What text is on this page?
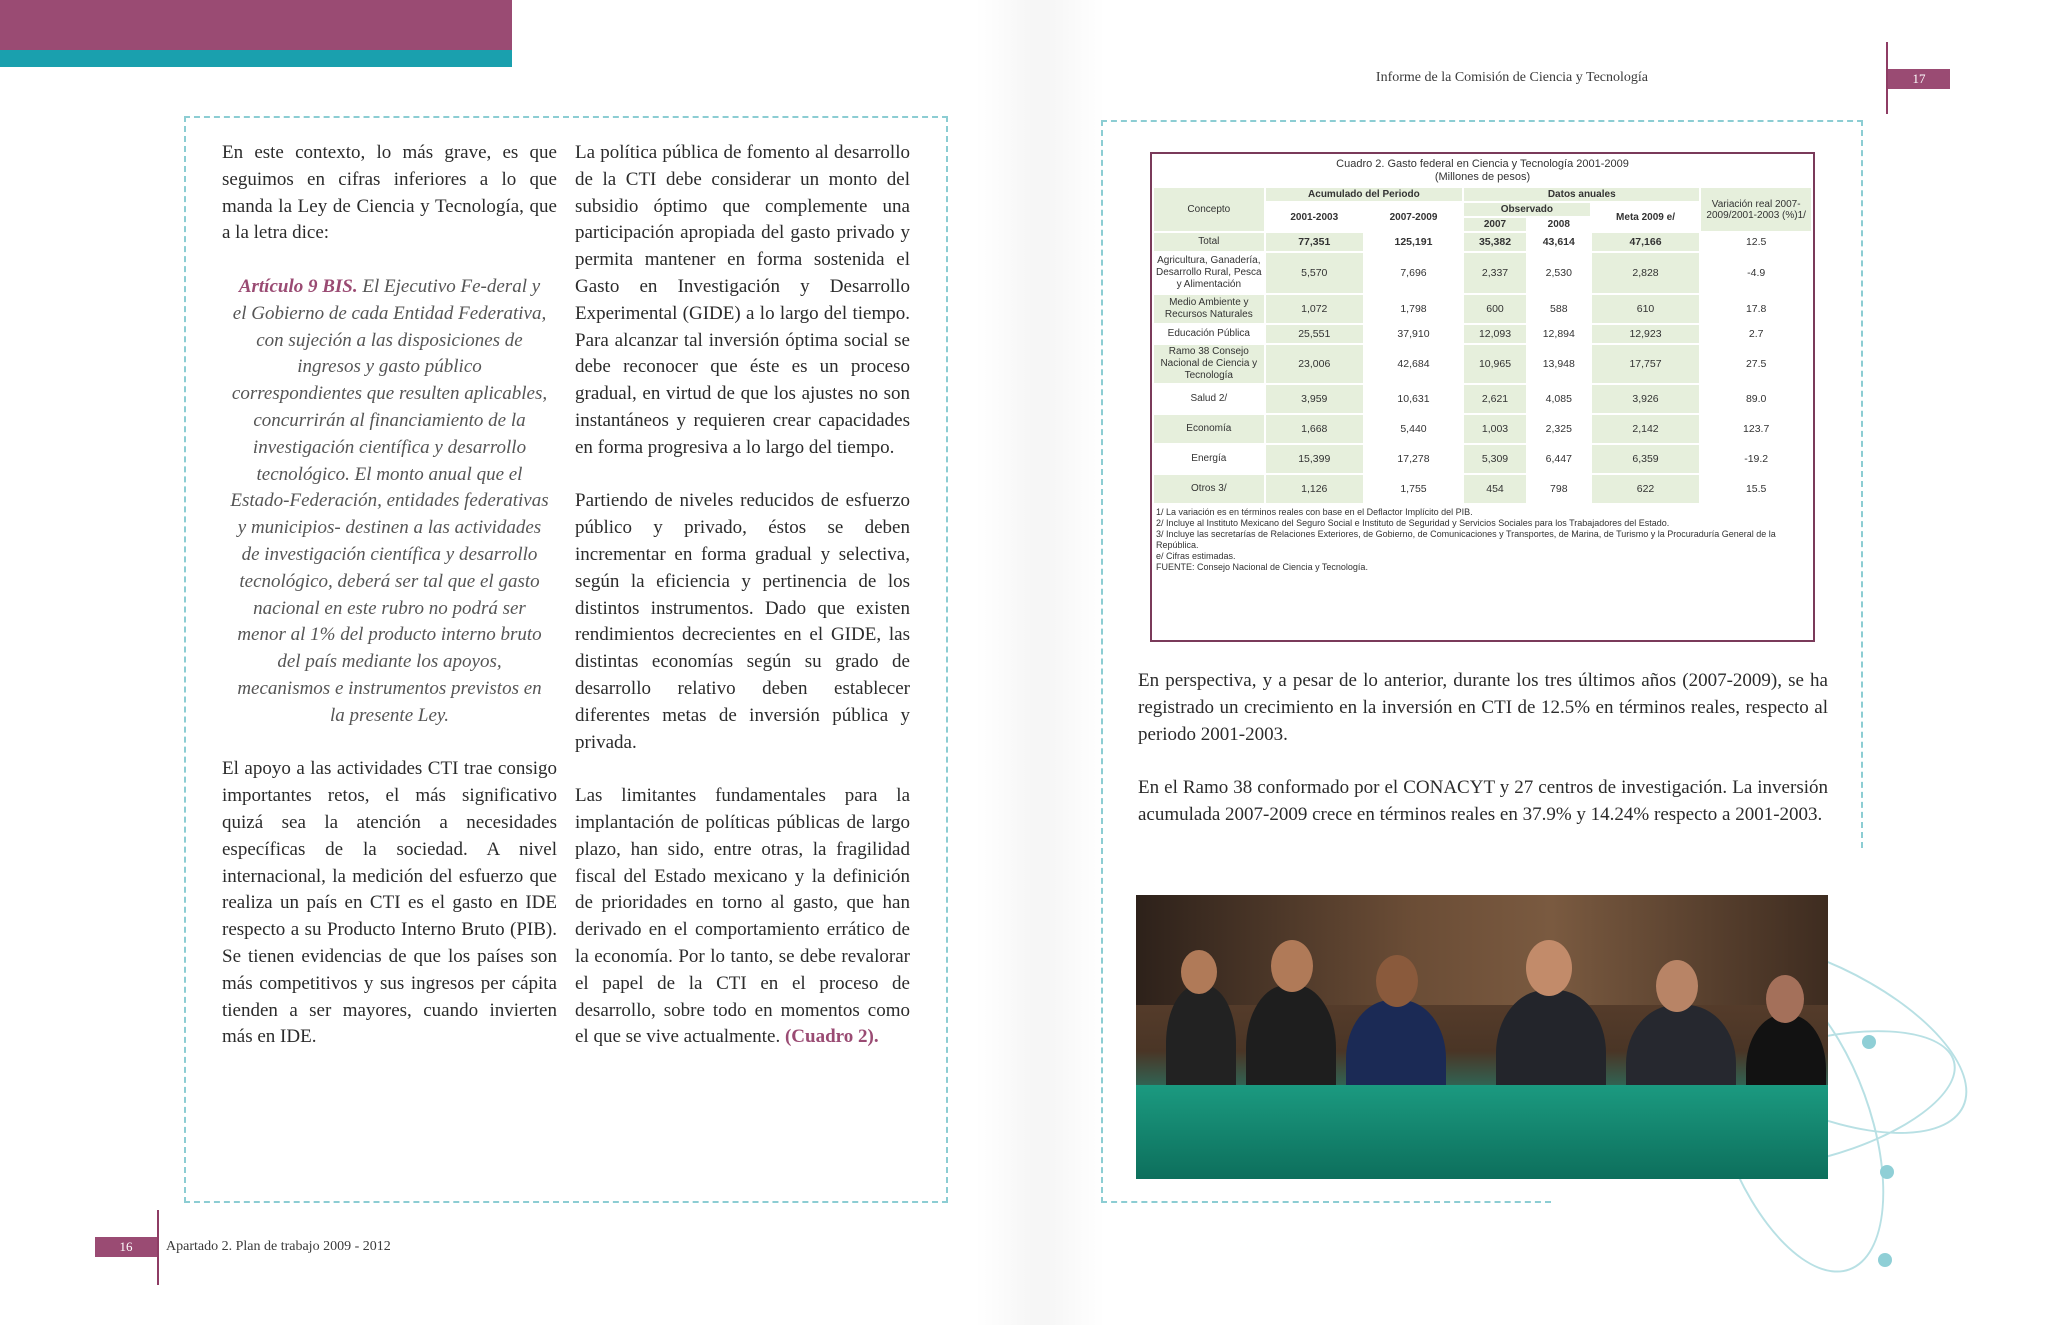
Informe de la Comisión de Ciencia y Tecnología	17

En este contexto, lo más grave, es que seguimos en cifras inferiores a lo que manda la Ley de Ciencia y Tecnología, que a la letra dice:

Artículo 9 BIS. El Ejecutivo Fe-deral y el Gobierno de cada Entidad Federativa, con sujeción a las disposiciones de ingresos y gasto público correspondientes que resulten aplicables, concurrirán al financiamiento de la investigación científica y desarrollo tecnológico. El monto anual que el Estado-Federación, entidades federativas y municipios- destinen a las actividades de investigación científica y desarrollo tecnológico, deberá ser tal que el gasto nacional en este rubro no podrá ser menor al 1% del producto interno bruto del país mediante los apoyos, mecanismos e instrumentos previstos en la presente Ley.

El apoyo a las actividades CTI trae consigo importantes retos, el más significativo quizá sea la atención a necesidades específicas de la sociedad. A nivel internacional, la medición del esfuerzo que realiza un país en CTI es el gasto en IDE respecto a su Producto Interno Bruto (PIB). Se tienen evidencias de que los países son más competitivos y sus ingresos per cápita tienden a ser mayores, cuando invierten más en IDE.

La política pública de fomento al desarrollo de la CTI debe considerar un monto del subsidio óptimo que complemente una participación apropiada del gasto privado y permita mantener en forma sostenida el Gasto en Investigación y Desarrollo Experimental (GIDE) a lo largo del tiempo. Para alcanzar tal inversión óptima social se debe reconocer que éste es un proceso gradual, en virtud de que los ajustes no son instantáneos y requieren crear capacidades en forma progresiva a lo largo del tiempo.

Partiendo de niveles reducidos de esfuerzo público y privado, éstos se deben incrementar en forma gradual y selectiva, según la eficiencia y pertinencia de los distintos instrumentos. Dado que existen rendimientos decrecientes en el GIDE, las distintas economías según su grado de desarrollo relativo deben establecer diferentes metas de inversión pública y privada.

Las limitantes fundamentales para la implantación de políticas públicas de largo plazo, han sido, entre otras, la fragilidad fiscal del Estado mexicano y la definición de prioridades en torno al gasto, que han derivado en el comportamiento errático de la economía. Por lo tanto, se debe revalorar el papel de la CTI en el proceso de desarrollo, sobre todo en momentos como el que se vive actualmente. (Cuadro 2).

Cuadro 2. Gasto federal en Ciencia y Tecnología 2001-2009
(Millones de pesos)
Concepto	Acumulado del Periodo		Datos anuales			Variación real 2007-2009/2001-2003 (%)1/
	2001-2003	2007-2009	Observado		Meta 2009 e/	
			2007	2008		
Total	77,351	125,191	35,382	43,614	47,166	12.5
Agricultura, Ganadería, Desarrollo Rural, Pesca y Alimentación	5,570	7,696	2,337	2,530	2,828	-4.9
Medio Ambiente y Recursos Naturales	1,072	1,798	600	588	610	17.8
Educación Pública	25,551	37,910	12,093	12,894	12,923	2.7
Ramo 38 Consejo Nacional de Ciencia y Tecnología	23,006	42,684	10,965	13,948	17,757	27.5
Salud 2/	3,959	10,631	2,621	4,085	3,926	89.0
Economía	1,668	5,440	1,003	2,325	2,142	123.7
Energía	15,399	17,278	5,309	6,447	6,359	-19.2
Otros 3/	1,126	1,755	454	798	622	15.5
1/ La variación es en términos reales con base en el Deflactor Implícito del PIB.
2/ Incluye al Instituto Mexicano del Seguro Social e Instituto de Seguridad y Servicios Sociales para los Trabajadores del Estado.
3/ Incluye las secretarías de Relaciones Exteriores, de Gobierno, de Comunicaciones y Transportes, de Marina, de Turismo y la Procuraduría General de la República.
e/ Cifras estimadas.
FUENTE: Consejo Nacional de Ciencia y Tecnología.

En perspectiva, y a pesar de lo anterior, durante los tres últimos años (2007-2009), se ha registrado un crecimiento en la inversión en CTI de 12.5% en términos reales, respecto al periodo 2001-2003.

En el Ramo 38 conformado por el CONACYT y 27 centros de investigación. La inversión acumulada 2007-2009 crece en términos reales en 37.9% y 14.24% respecto a 2001-2003.

16	Apartado 2. Plan de trabajo 2009 - 2012
